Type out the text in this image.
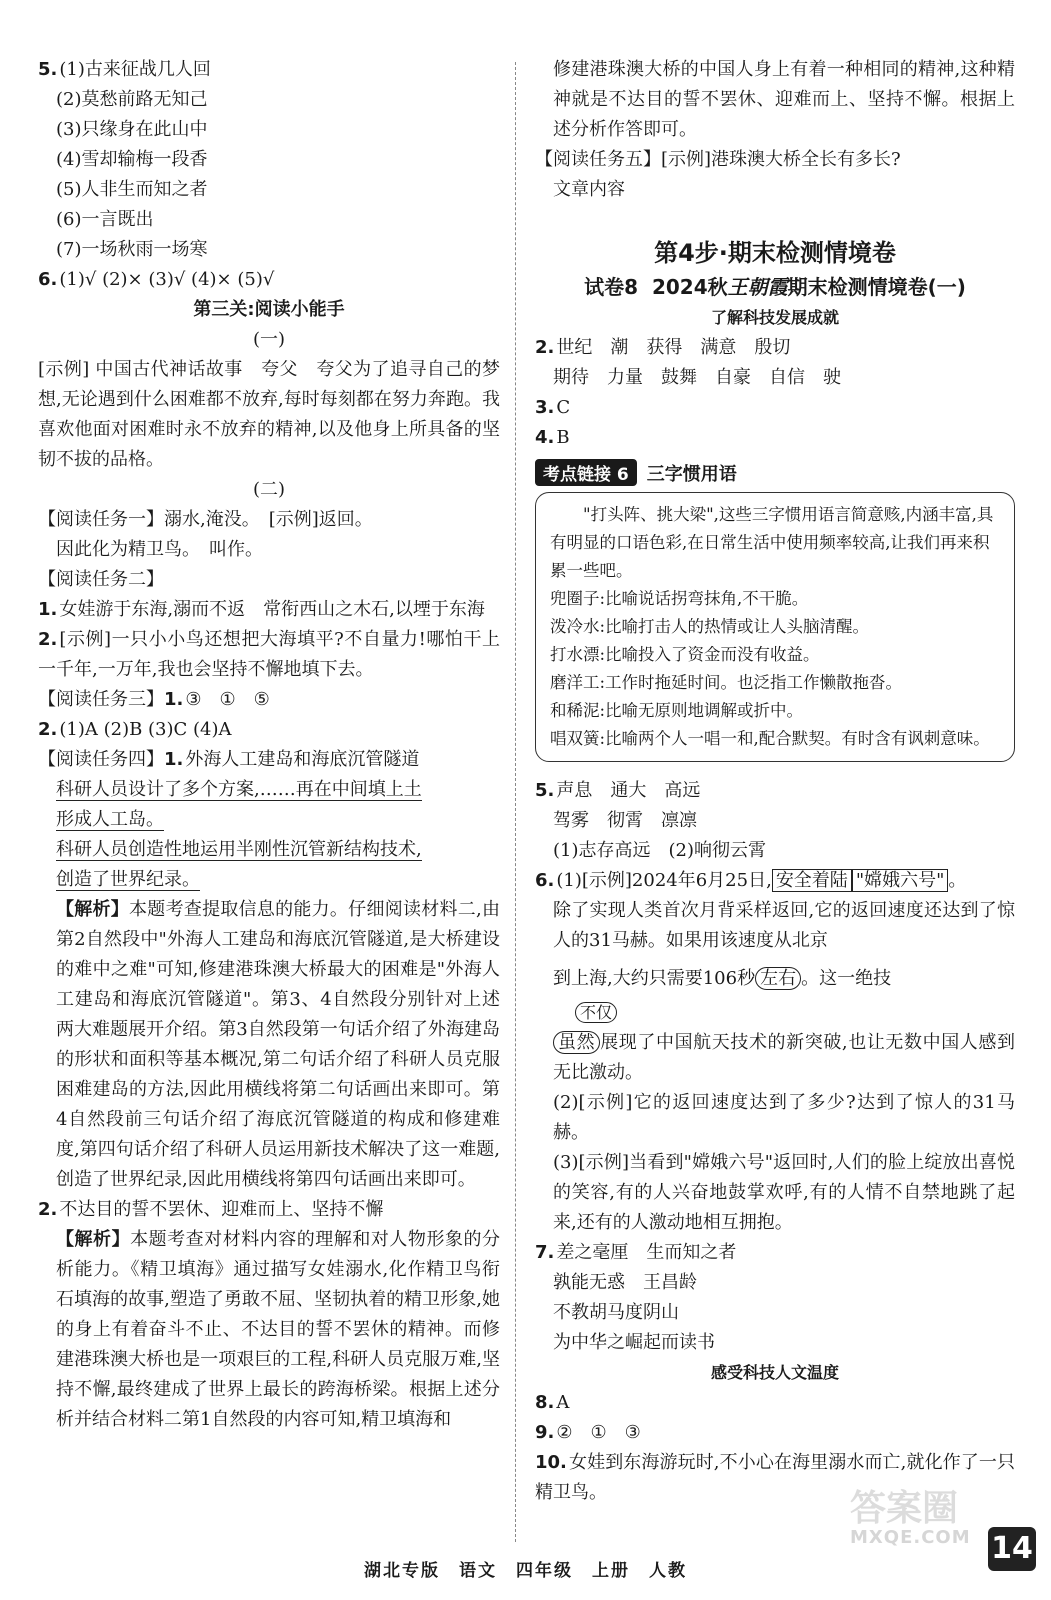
5. (1)古来征战几人回
(2)莫愁前路无知己
(3)只缘身在此山中
(4)雪却输梅一段香
(5)人非生而知之者
(6)一言既出
(7)一场秋雨一场寒
6. (1)√ (2)× (3)√ (4)× (5)√
第三关:阅读小能手
(一)
[示例] 中国古代神话故事　夸父　夸父为了追寻自己的梦想,无论遇到什么困难都不放弃,每时每刻都在努力奔跑。我喜欢他面对困难时永不放弃的精神,以及他身上所具备的坚韧不拔的品格。
(二)
【阅读任务一】溺水,淹没。　[示例]返回。
因此化为精卫鸟。　叫作。
【阅读任务二】
1. 女娃游于东海,溺而不返　常衔西山之木石,以堙于东海
2. [示例]一只小小鸟还想把大海填平?不自量力!哪怕干上一千年,一万年,我也会坚持不懈地填下去。
【阅读任务三】1. ③　①　⑤
2. (1)A (2)B (3)C (4)A
【阅读任务四】1. 外海人工建岛和海底沉管隧道
科研人员设计了多个方案,……再在中间填上土
形成人工岛。
科研人员创造性地运用半刚性沉管新结构技术,
创造了世界纪录。
【解析】本题考查提取信息的能力。仔细阅读材料二,由第2自然段中"外海人工建岛和海底沉管隧道,是大桥建设的难中之难"可知,修建港珠澳大桥最大的困难是"外海人工建岛和海底沉管隧道"。第3、4自然段分别针对上述两大难题展开介绍。第3自然段第一句话介绍了外海建岛的形状和面积等基本概况,第二句话介绍了科研人员克服困难建岛的方法,因此用横线将第二句话画出来即可。第4自然段前三句话介绍了海底沉管隧道的构成和修建难度,第四句话介绍了科研人员运用新技术解决了这一难题,创造了世界纪录,因此用横线将第四句话画出来即可。
2. 不达目的誓不罢休、迎难而上、坚持不懈
【解析】本题考查对材料内容的理解和对人物形象的分析能力。《精卫填海》通过描写女娃溺水,化作精卫鸟衔石填海的故事,塑造了勇敢不屈、坚韧执着的精卫形象,她的身上有着奋斗不止、不达目的誓不罢休的精神。而修建港珠澳大桥也是一项艰巨的工程,科研人员克服万难,坚持不懈,最终建成了世界上最长的跨海桥梁。根据上述分析并结合材料二第1自然段的内容可知,精卫填海和
修建港珠澳大桥的中国人身上有着一种相同的精神,这种精神就是不达目的誓不罢休、迎难而上、坚持不懈。根据上述分析作答即可。
【阅读任务五】[示例]港珠澳大桥全长有多长?
文章内容
第4步·期末检测情境卷
试卷8 2024秋王朝霞期末检测情境卷(一)
了解科技发展成就
2. 世纪　潮　获得　满意　殷切
期待　力量　鼓舞　自豪　自信　驶
3. C
4. B
考点链接 6	三字惯用语
"打头阵、挑大梁",这些三字惯用语言简意赅,内涵丰富,具有明显的口语色彩,在日常生活中使用频率较高,让我们再来积累一些吧。
兜圈子:比喻说话拐弯抹角,不干脆。
泼冷水:比喻打击人的热情或让人头脑清醒。
打水漂:比喻投入了资金而没有收益。
磨洋工:工作时拖延时间。也泛指工作懒散拖沓。
和稀泥:比喻无原则地调解或折中。
唱双簧:比喻两个人一唱一和,配合默契。有时含有讽刺意味。
5. 声息　通大　高远
驾雾　彻霄　凛凛
(1)志存高远　(2)响彻云霄
6. (1)[示例]2024年6月25日, 安全着陆 "嫦娥六号" 。
除了实现人类首次月背采样返回,它的返回速度还达到了惊人的31马赫。如果用该速度从北京
到上海,大约只需要106秒 左右 。这一绝技
不仅
虽然 展现了中国航天技术的新突破,也让无数中国人感到无比激动。
(2)[示例]它的返回速度达到了多少?达到了惊人的31马赫。
(3)[示例]当看到"嫦娥六号"返回时,人们的脸上绽放出喜悦的笑容,有的人兴奋地鼓掌欢呼,有的人情不自禁地跳了起来,还有的人激动地相互拥抱。
7. 差之毫厘　生而知之者
孰能无惑　王昌龄
不教胡马度阴山
为中华之崛起而读书
感受科技人文温度
8. A
9. ②　①　③
10. 女娃到东海游玩时,不小心在海里溺水而亡,就化作了一只精卫鸟。	答案圈
MXQE.COM
湖北专版　语文　四年级　上册　人教
14
